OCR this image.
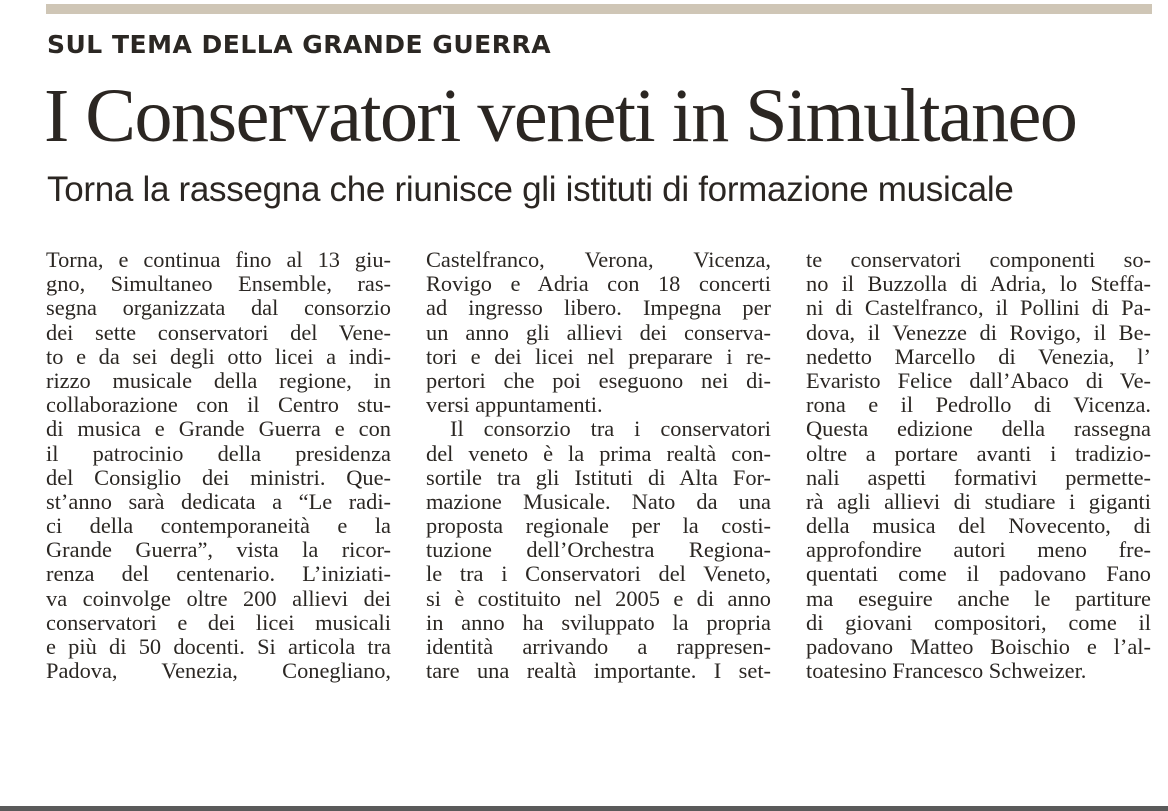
SUL TEMA DELLA GRANDE GUERRA
I Conservatori veneti in Simultaneo
Torna la rassegna che riunisce gli istituti di formazione musicale
Torna, e continua fino al 13 giu-
gno, Simultaneo Ensemble, ras-
segna organizzata dal consorzio
dei sette conservatori del Vene-
to e da sei degli otto licei a indi-
rizzo musicale della regione, in
collaborazione con il Centro stu-
di musica e Grande Guerra e con
il patrocinio della presidenza
del Consiglio dei ministri. Que-
st’anno sarà dedicata a “Le radi-
ci della contemporaneità e la
Grande Guerra”, vista la ricor-
renza del centenario. L’iniziati-
va coinvolge oltre 200 allievi dei
conservatori e dei licei musicali
e più di 50 docenti. Si articola tra
Padova, Venezia, Conegliano,
Castelfranco, Verona, Vicenza,
Rovigo e Adria con 18 concerti
ad ingresso libero. Impegna per
un anno gli allievi dei conserva-
tori e dei licei nel preparare i re-
pertori che poi eseguono nei di-
versi appuntamenti.
Il consorzio tra i conservatori
del veneto è la prima realtà con-
sortile tra gli Istituti di Alta For-
mazione Musicale. Nato da una
proposta regionale per la costi-
tuzione dell’Orchestra Regiona-
le tra i Conservatori del Veneto,
si è costituito nel 2005 e di anno
in anno ha sviluppato la propria
identità arrivando a rappresen-
tare una realtà importante. I set-
te conservatori componenti so-
no il Buzzolla di Adria, lo Steffa-
ni di Castelfranco, il Pollini di Pa-
dova, il Venezze di Rovigo, il Be-
nedetto Marcello di Venezia, l’
Evaristo Felice dall’Abaco di Ve-
rona e il Pedrollo di Vicenza.
Questa edizione della rassegna
oltre a portare avanti i tradizio-
nali aspetti formativi permette-
rà agli allievi di studiare i giganti
della musica del Novecento, di
approfondire autori meno fre-
quentati come il padovano Fano
ma eseguire anche le partiture
di giovani compositori, come il
padovano Matteo Boischio e l’al-
toatesino Francesco Schweizer.
